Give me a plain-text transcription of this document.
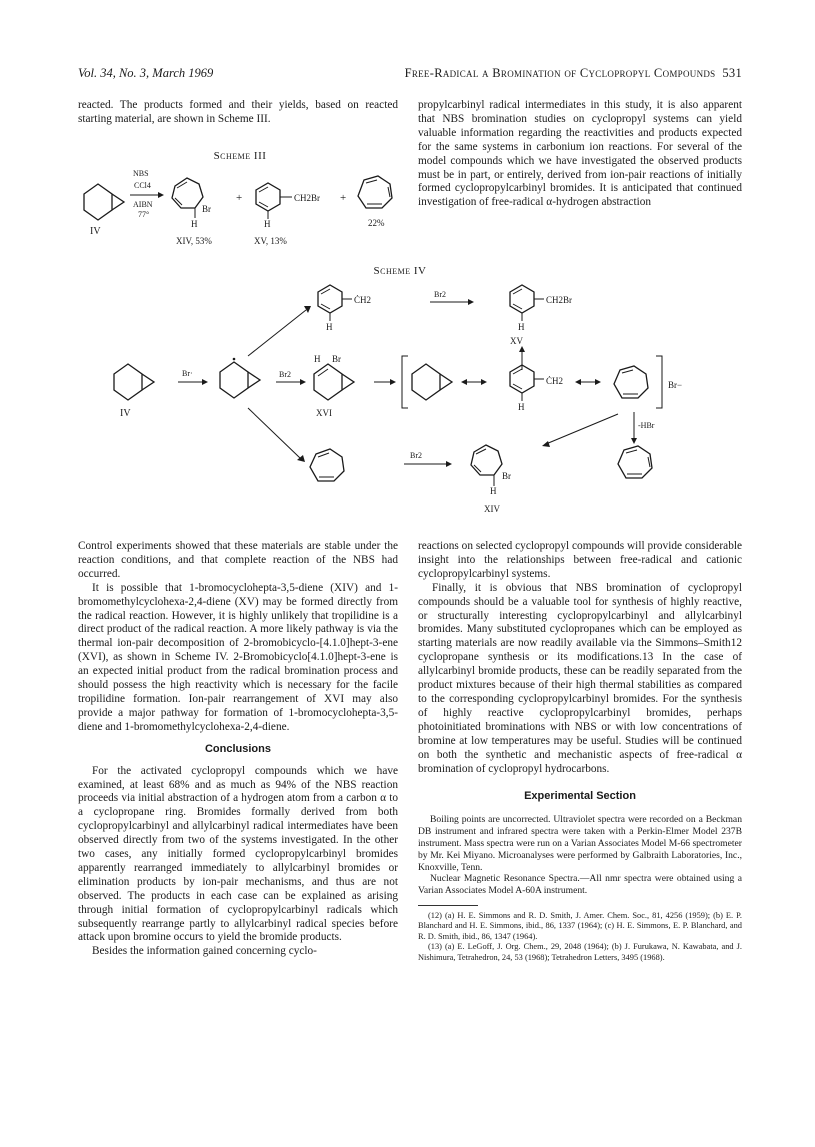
Vol. 34, No. 3, March 1969	Free-Radical α Bromination of Cyclopropyl Compounds 531

reacted. The products formed and their yields, based on reacted starting material, are shown in Scheme III.

propylcarbinyl radical intermediates in this study, it is also apparent that NBS bromination studies on cyclopropyl systems can yield valuable information regarding the reactivities and products expected for the same systems in carbonium ion reactions. For several of the model compounds which we have investigated the observed products must be in part, or entirely, derived from ion-pair reactions of initially formed cyclopropylcarbinyl bromides. It is anticipated that continued investigation of free-radical α-hydrogen abstraction

Scheme III
IV
NBS
CCl4
AIBN
77°
Br
H
XIV, 53%
+	CH2Br
H
XV, 13%
+
22%
Scheme IV
IV
Br·	Br2
ĊH2
H
Br2
CH2Br
H
XV
H Br
XVI
ĊH2
H
Br−
-HBr
Br2
Br
H
XIV

Control experiments showed that these materials are stable under the reaction conditions, and that complete reaction of the NBS had occurred.

It is possible that 1-bromocyclohepta-3,5-diene (XIV) and 1-bromomethylcyclohexa-2,4-diene (XV) may be formed directly from the radical reaction. However, it is highly unlikely that tropilidine is a direct product of the radical reaction. A more likely pathway is via the thermal ion-pair decomposition of 2-bromobicyclo-[4.1.0]hept-3-ene (XVI), as shown in Scheme IV. 2-Bromobicyclo[4.1.0]hept-3-ene is an expected initial product from the radical bromination process and should possess the high reactivity which is necessary for the facile tropilidine formation. Ion-pair rearrangement of XVI may also provide a major pathway for formation of 1-bromocyclohepta-3,5-diene and 1-bromomethylcyclohexa-2,4-diene.

Conclusions

For the activated cyclopropyl compounds which we have examined, at least 68% and as much as 94% of the NBS reaction proceeds via initial abstraction of a hydrogen atom from a carbon α to a cyclopropane ring. Bromides formally derived from both cyclopropylcarbinyl and allylcarbinyl radical intermediates have been observed directly from two of the systems investigated. In the other two cases, any initially formed cyclopropylcarbinyl bromides apparently rearranged immediately to allylcarbinyl bromides or elimination products by ion-pair mechanisms, and thus are not observed. The products in each case can be explained as arising through initial formation of cyclopropylcarbinyl radicals which subsequently rearrange partly to allylcarbinyl radical species before attack upon bromine occurs to yield the bromide products.

Besides the information gained concerning cyclo-

reactions on selected cyclopropyl compounds will provide considerable insight into the relationships between free-radical and cationic cyclopropylcarbinyl systems.

Finally, it is obvious that NBS bromination of cyclopropyl compounds should be a valuable tool for synthesis of highly reactive, or structurally interesting cyclopropylcarbinyl and allylcarbinyl bromides. Many substituted cyclopropanes which can be employed as starting materials are now readily available via the Simmons–Smith12 cyclopropane synthesis or its modifications.13 In the case of allylcarbinyl bromide products, these can be readily separated from the product mixtures because of their high thermal stabilities as compared to the corresponding cyclopropylcarbinyl bromides. For the synthesis of highly reactive cyclopropylcarbinyl bromides, perhaps photoinitiated brominations with NBS or with low concentrations of bromine at low temperatures may be useful. Studies will be continued on both the synthetic and mechanistic aspects of free-radical α bromination of cyclopropyl hydrocarbons.

Experimental Section

Boiling points are uncorrected. Ultraviolet spectra were recorded on a Beckman DB instrument and infrared spectra were taken with a Perkin-Elmer Model 237B instrument. Mass spectra were run on a Varian Associates Model M-66 spectrometer by Mr. Kei Miyano. Microanalyses were performed by Galbraith Laboratories, Inc., Knoxville, Tenn.

Nuclear Magnetic Resonance Spectra.—All nmr spectra were obtained using a Varian Associates Model A-60A instrument.

(12) (a) H. E. Simmons and R. D. Smith, J. Amer. Chem. Soc., 81, 4256 (1959); (b) E. P. Blanchard and H. E. Simmons, ibid., 86, 1337 (1964); (c) H. E. Simmons, E. P. Blanchard, and R. D. Smith, ibid., 86, 1347 (1964).

(13) (a) E. LeGoff, J. Org. Chem., 29, 2048 (1964); (b) J. Furukawa, N. Kawabata, and J. Nishimura, Tetrahedron, 24, 53 (1968); Tetrahedron Letters, 3495 (1968).
